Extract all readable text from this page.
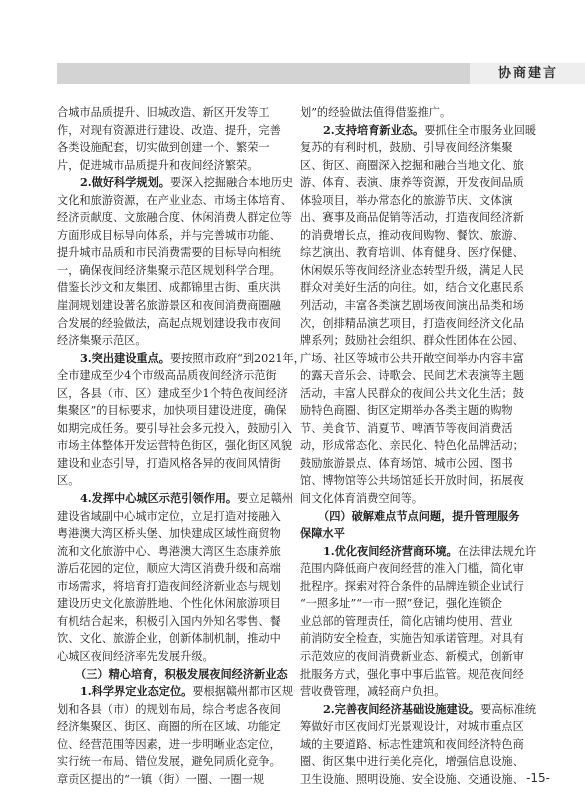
协商建言
合城市品质提升、旧城改造、新区开发等工
作，对现有资源进行建设、改造、提升，完善
各类设施配套，切实做到创建一个、繁荣一
片，促进城市品质提升和夜间经济繁荣。
2.做好科学规划。要深入挖掘融合本地历史
文化和旅游资源，在产业业态、市场主体培育、
经济贡献度、文旅融合度、休闲消费人群定位等
方面形成目标导向体系，并与完善城市功能、
提升城市品质和市民消费需要的目标导向相统
一，确保夜间经济集聚示范区规划科学合理。
借鉴长沙文和友集团、成都锦里古街、重庆洪
崖洞规划建设著名旅游景区和夜间消费商圈融
合发展的经验做法，高起点规划建设我市夜间
经济集聚示范区。
3.突出建设重点。要按照市政府“到2021年，
全市建成至少4个市级高品质夜间经济示范街
区，各县（市、区）建成至少1个特色夜间经济
集聚区”的目标要求，加快项目建设进度，确保
如期完成任务。要引导社会多元投入，鼓励引入
市场主体整体开发运营特色街区，强化街区风貌
建设和业态引导，打造风格各异的夜间风情街
区。
4.发挥中心城区示范引领作用。要立足赣州
建设省域副中心城市定位，立足打造对接融入
粤港澳大湾区桥头堡、加快建成区域性商贸物
流和文化旅游中心、粤港澳大湾区生态康养旅
游后花园的定位，顺应大湾区消费升级和高端
市场需求，将培育打造夜间经济新业态与规划
建设历史文化旅游胜地、个性化休闲旅游项目
有机结合起来，积极引入国内外知名零售、餐
饮、文化、旅游企业，创新体制机制，推动中
心城区夜间经济率先发展升级。
（三）精心培育，积极发展夜间经济新业态
1.科学界定业态定位。要根据赣州都市区规
划和各县（市）的规划布局，综合考虑各夜间
经济集聚区、街区、商圈的所在区域、功能定
位、经营范围等因素，进一步明晰业态定位，
实行统一布局、错位发展，避免同质化竞争。
章贡区提出的“一镇（街）一圈、一圈一规
划”的经验做法值得借鉴推广。
2.支持培育新业态。要抓住全市服务业回暖
复苏的有利时机，鼓励、引导夜间经济集聚
区、街区、商圈深入挖掘和融合当地文化、旅
游、体育、表演、康养等资源，开发夜间品质
体验项目，举办常态化的旅游节庆、文体演
出、赛事及商品促销等活动，打造夜间经济新
的消费增长点，推动夜间购物、餐饮、旅游、
综艺演出、教育培训、体育健身、医疗保健、
休闲娱乐等夜间经济业态转型升级，满足人民
群众对美好生活的向往。如，结合文化惠民系
列活动，丰富各类演艺剧场夜间演出品类和场
次，创排精品演艺项目，打造夜间经济文化品
牌系列；鼓励社会组织、群众性团体在公园、
广场、社区等城市公共开敞空间举办内容丰富
的露天音乐会、诗歌会、民间艺术表演等主题
活动，丰富人民群众的夜间公共文化生活；鼓
励特色商圈、街区定期举办各类主题的购物
节、美食节、消夏节、啤酒节等夜间消费活
动，形成常态化、亲民化、特色化品牌活动；
鼓励旅游景点、体育场馆、城市公园、图书
馆、博物馆等公共场馆延长开放时间，拓展夜
间文化体育消费空间等。
（四）破解难点节点问题，提升管理服务
保障水平
1.优化夜间经济营商环境。在法律法规允许
范围内降低商户夜间经营的准入门槛，简化审
批程序。探索对符合条件的品牌连锁企业试行
“一照多址”“一市一照”登记，强化连锁企
业总部的管理责任，简化店铺均使用、营业
前消防安全检查，实施告知承诺管理。对具有
示范效应的夜间消费新业态、新模式，创新审
批服务方式，强化事中事后监管。规范夜间经
营收费管理，减轻商户负担。
2.完善夜间经济基础设施建设。要高标准统
筹做好市区夜间灯光景观设计，对城市重点区
域的主要道路、标志性建筑和夜间经济特色商
圈、街区集中进行美化亮化，增强信息设施、
卫生设施、照明设施、安全设施、交通设施、 -15-
